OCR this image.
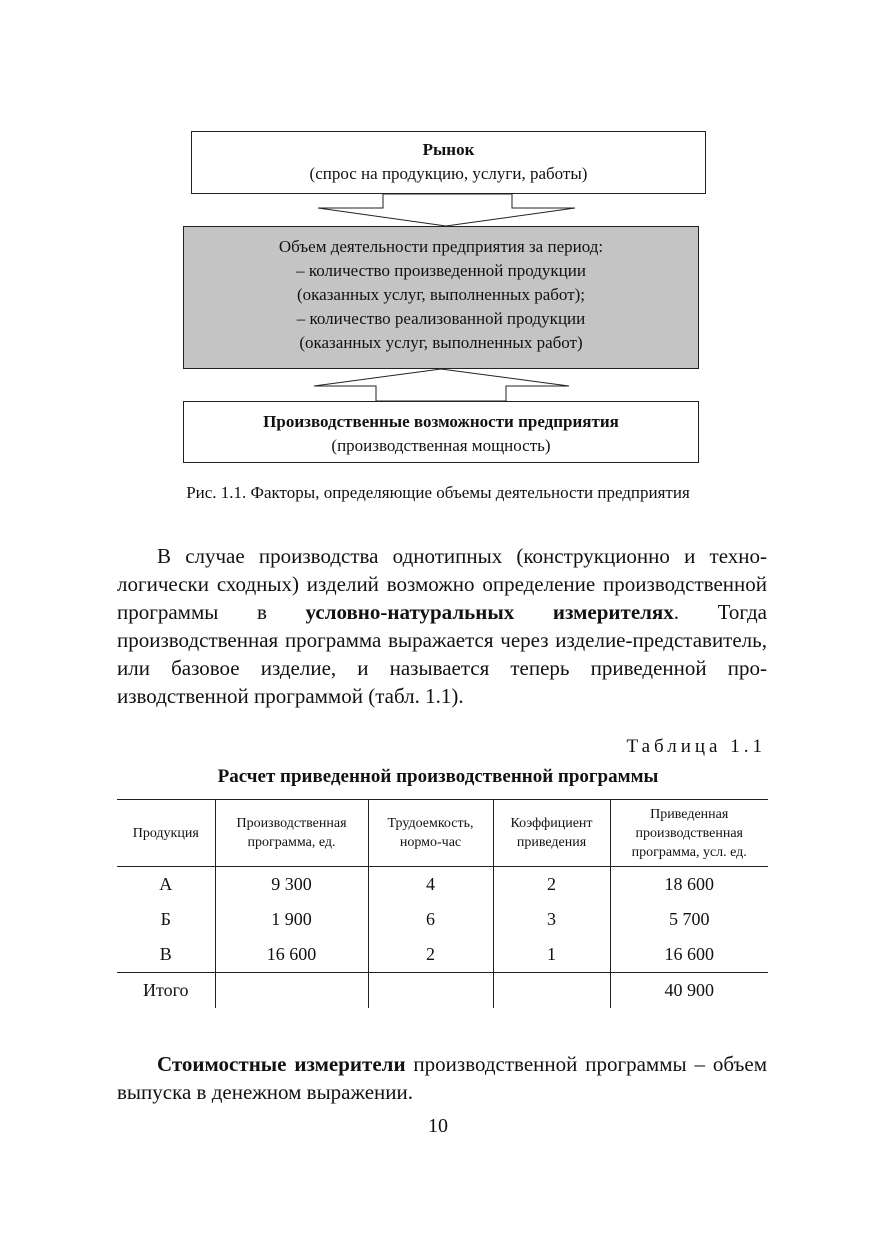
Рынок
(спрос на продукцию, услуги, работы)
Объем деятельности предприятия за период:
– количество произведенной продукции
(оказанных услуг, выполненных работ);
– количество реализованной продукции
(оказанных услуг, выполненных работ)
Производственные возможности предприятия
(производственная мощность)
Рис. 1.1. Факторы, определяющие объемы деятельности предприятия

В случае производства однотипных (конструкционно и технологически сходных) изделий возможно определение производственной программы в условно-натуральных измерителях. Тогда производственная программа выражается через изделие-представитель, или базовое изделие, и называется теперь приведенной производственной программой (табл. 1.1).

Таблица 1.1
Расчет приведенной производственной программы
Продукция	Производственная программа, ед.	Трудоемкость, нормо-час	Коэффициент приведения	Приведенная производственная программа, усл. ед.
А	9 300	4	2	18 600
Б	1 900	6	3	5 700
В	16 600	2	1	16 600
Итого				40 900

Стоимостные измерители производственной программы – объем выпуска в денежном выражении.

10
